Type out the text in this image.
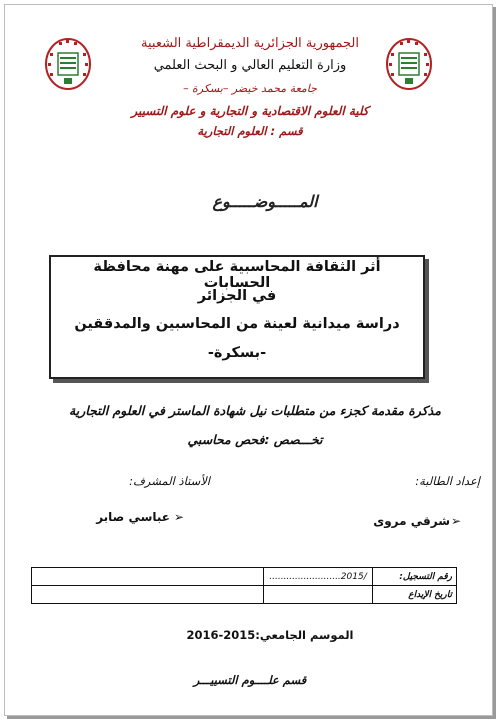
الجمهورية الجزائرية الديمقراطية الشعبية
وزارة التعليم العالي و البحث العلمي
جامعة محمد خيضر –بسكرة –
كلية العلوم الاقتصادية و التجارية و علوم التسيير
قسم : العلوم التجارية
المـــــوضـــــوع
أثر الثقافة المحاسبية على مهنة محافظة الحسابات
في الجزائر
دراسة ميدانية لعينة من المحاسبين والمدققين
-بسكرة-
مذكرة مقدمة كجزء من متطلبات نيل شهادة الماستر في العلوم التجارية
تخـــصص :فحص محاسبي
إعداد الطالبة:
الأستاذ المشرف:
➢
شرقي مروى
➢
عباسي صابر
رقم التسجيل:	.........................2015/	
تاريخ الإيداع		
الموسم الجامعي:2015-2016
قسم علــــوم التسييـــر
